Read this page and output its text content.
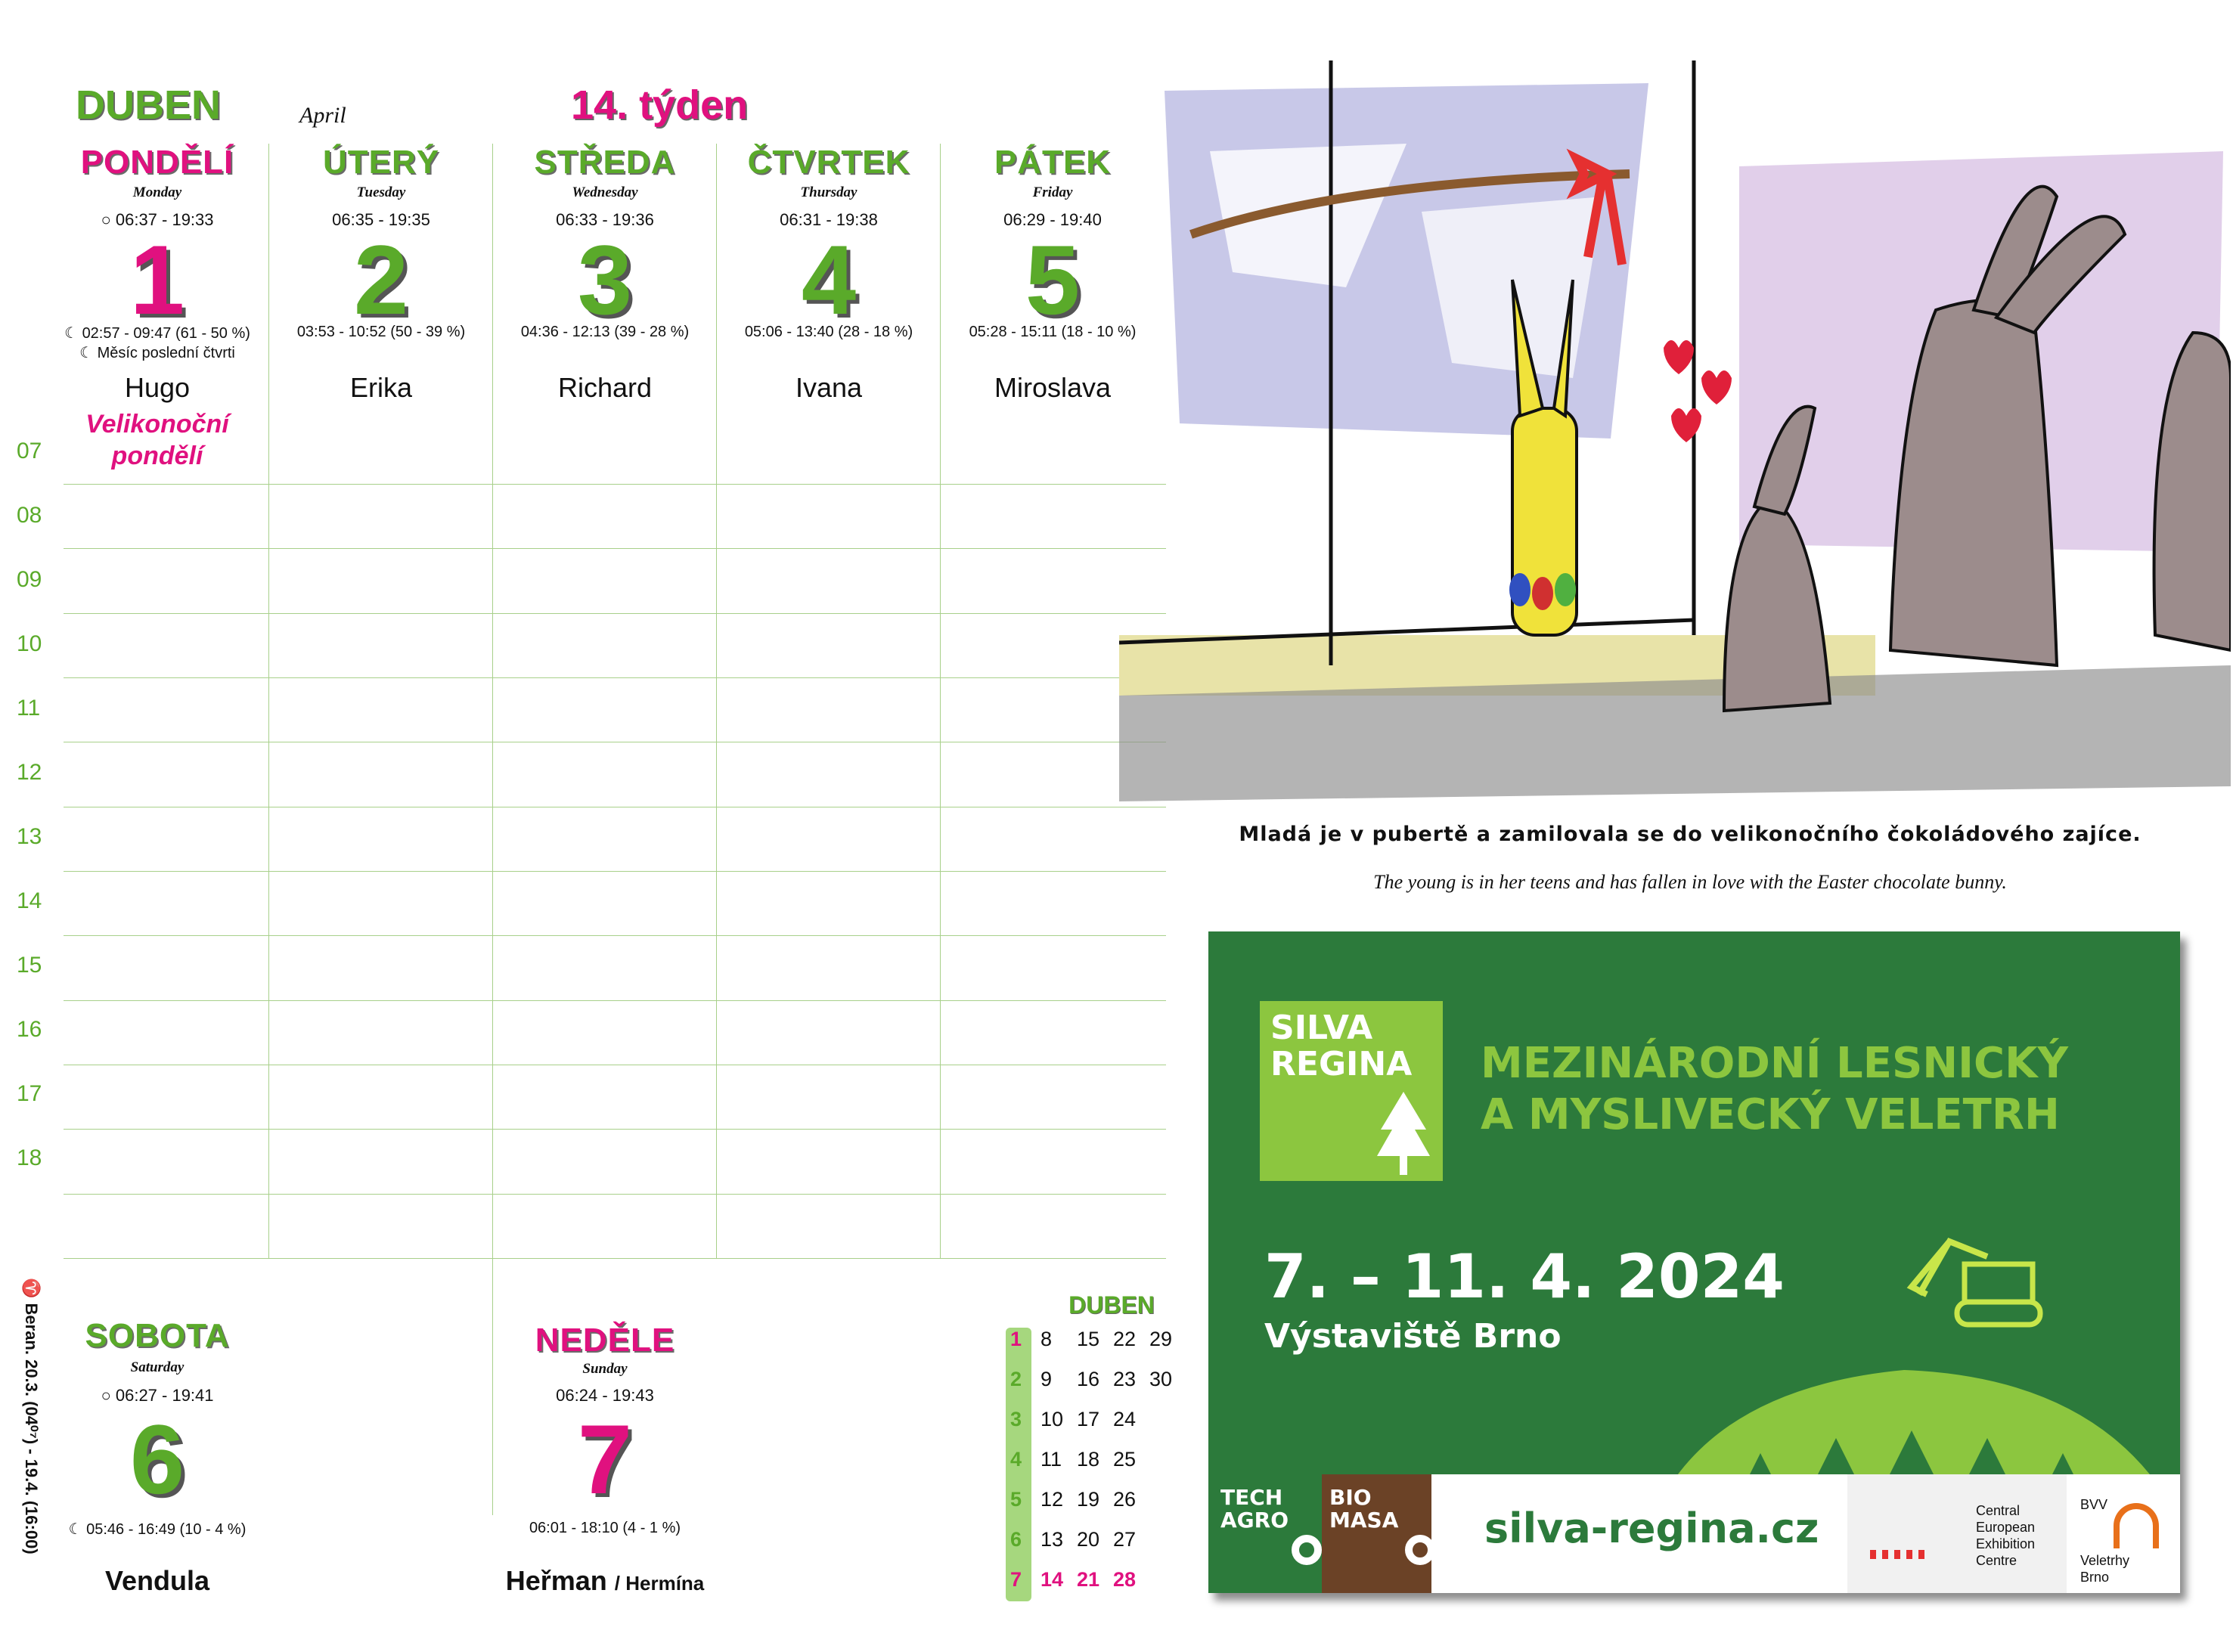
DUBEN	April	14. týden
PONDĚLÍ
Monday
○ 06:37 - 19:33
1
☾ 02:57 - 09:47 (61 - 50 %)
☾ Měsíc poslední čtvrti
Hugo
Velikonoční pondělí
ÚTERÝ
Tuesday
06:35 - 19:35
2
03:53 - 10:52 (50 - 39 %)
Erika
STŘEDA
Wednesday
06:33 - 19:36
3
04:36 - 12:13 (39 - 28 %)
Richard
ČTVRTEK
Thursday
06:31 - 19:38
4
05:06 - 13:40 (28 - 18 %)
Ivana
PÁTEK
Friday
06:29 - 19:40
5
05:28 - 15:11 (18 - 10 %)
Miroslava
07
08
09
10
11
12
13
14
15
16
17
18
♈ Beran. 20.3. (04⁰⁷) - 19.4. (16:00)	SOBOTA
Saturday
○ 06:27 - 19:41
6
☾ 05:46 - 16:49 (10 - 4 %)
Vendula
NEDĚLE
Sunday
06:24 - 19:43
7
06:01 - 18:10 (4 - 1 %)
Heřman / Hermína
DUBEN
1 8	15 22 29
2 9	16 23 30
3 10 17 24
4 11 18 25
5 12 19 26
6 13 20 27
7 14 21 28
Mladá je v pubertě a zamilovala se do velikonočního čokoládového zajíce.
The young is in her teens and has fallen in love with the Easter chocolate bunny.
SILVA
REGINA MEZINÁRODNÍ LESNICKÝ
A MYSLIVECKÝ VELETRH
7. – 11. 4. 2024
Výstaviště Brno
TECH
AGRO
BIO
MASA silva-regina.cz	Central
European
Exhibition
Centre
BVV
Veletrhy
Brno
